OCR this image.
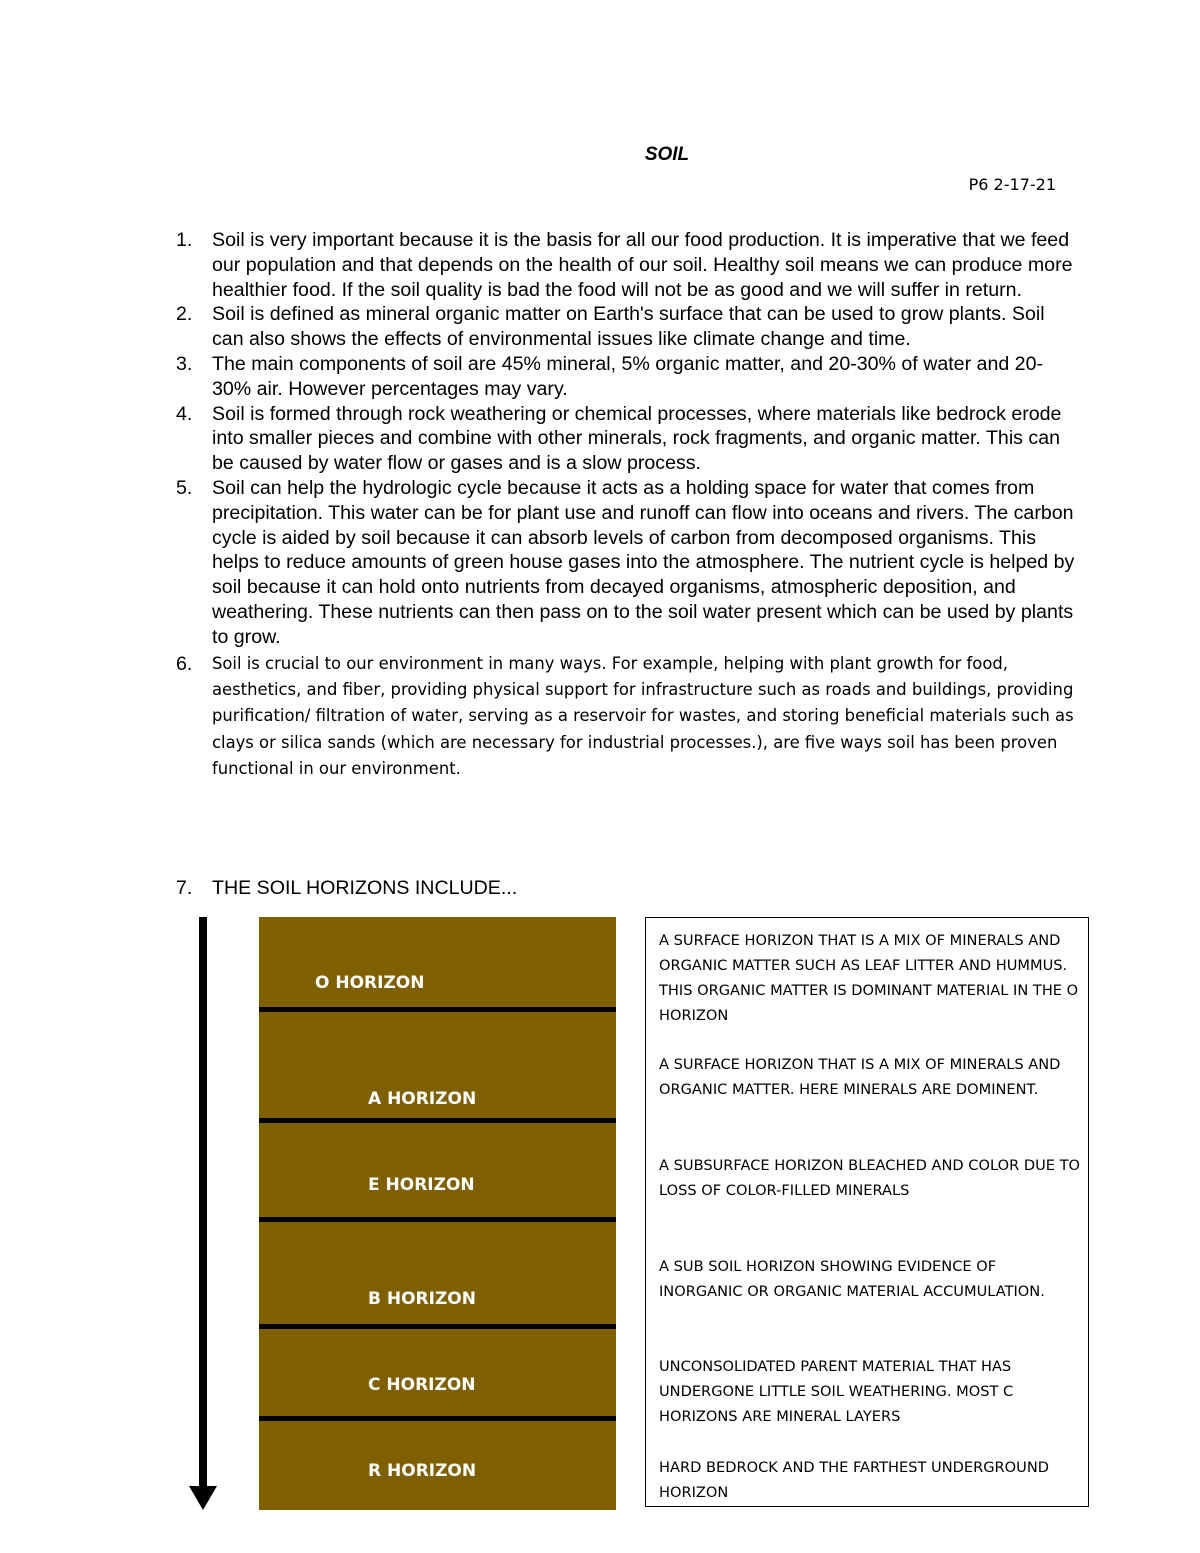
SOIL
P6 2-17-21
1. Soil is very important because it is the basis for all our food production. It is imperative that we feed our population and that depends on the health of our soil. Healthy soil means we can produce more healthier food. If the soil quality is bad the food will not be as good and we will suffer in return.
2. Soil is defined as mineral organic matter on Earth's surface that can be used to grow plants. Soil can also shows the effects of environmental issues like climate change and time.
3. The main components of soil are 45% mineral, 5% organic matter, and 20-30% of water and 20-30% air. However percentages may vary.
4. Soil is formed through rock weathering or chemical processes, where materials like bedrock erode into smaller pieces and combine with other minerals, rock fragments, and organic matter. This can be caused by water flow or gases and is a slow process.
5. Soil can help the hydrologic cycle because it acts as a holding space for water that comes from precipitation. This water can be for plant use and runoff can flow into oceans and rivers. The carbon cycle is aided by soil because it can absorb levels of carbon from decomposed organisms. This helps to reduce amounts of green house gases into the atmosphere. The nutrient cycle is helped by soil because it can hold onto nutrients from decayed organisms, atmospheric deposition, and weathering. These nutrients can then pass on to the soil water present which can be used by plants to grow.
6. Soil is crucial to our environment in many ways. For example, helping with plant growth for food, aesthetics, and fiber, providing physical support for infrastructure such as roads and buildings, providing purification/ filtration of water, serving as a reservoir for wastes, and storing beneficial materials such as clays or silica sands (which are necessary for industrial processes.), are five ways soil has been proven functional in our environment.
7. THE SOIL HORIZONS INCLUDE...
O HORIZON
A HORIZON
E HORIZON
B HORIZON
C HORIZON
R HORIZON
A SURFACE HORIZON THAT IS A MIX OF MINERALS AND ORGANIC MATTER SUCH AS LEAF LITTER AND HUMMUS. THIS ORGANIC MATTER IS DOMINANT MATERIAL IN THE O HORIZON
A SURFACE HORIZON THAT IS A MIX OF MINERALS AND ORGANIC MATTER. HERE MINERALS ARE DOMINENT.
A SUBSURFACE HORIZON BLEACHED AND COLOR DUE TO LOSS OF COLOR-FILLED MINERALS
A SUB SOIL HORIZON SHOWING EVIDENCE OF INORGANIC OR ORGANIC MATERIAL ACCUMULATION.
UNCONSOLIDATED PARENT MATERIAL THAT HAS UNDERGONE LITTLE SOIL WEATHERING. MOST C HORIZONS ARE MINERAL LAYERS
HARD BEDROCK AND THE FARTHEST UNDERGROUND HORIZON
